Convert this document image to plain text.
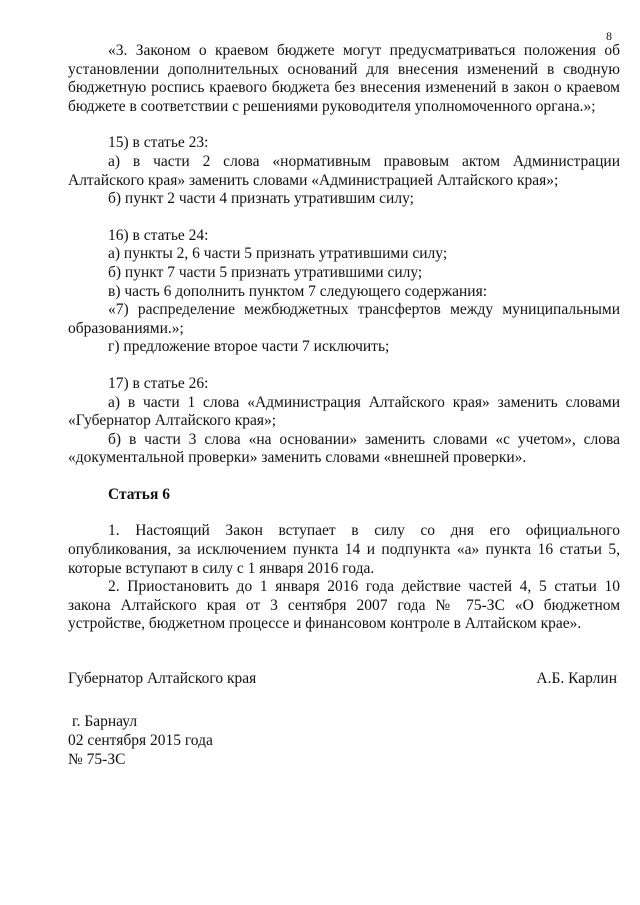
8

«3. Законом о краевом бюджете могут предусматриваться положения об установлении дополнительных оснований для внесения изменений в сводную бюджетную роспись краевого бюджета без внесения изменений в закон о краевом бюджете в соответствии с решениями руководителя уполномоченного органа.»;

15) в статье 23:

а) в части 2 слова «нормативным правовым актом Администрации Алтайского края» заменить словами «Администрацией Алтайского края»;

б) пункт 2 части 4 признать утратившим силу;

16) в статье 24:

а) пункты 2, 6 части 5 признать утратившими силу;

б) пункт 7 части 5 признать утратившими силу;

в) часть 6 дополнить пунктом 7 следующего содержания:

«7) распределение межбюджетных трансфертов между муниципальными образованиями.»;

г) предложение второе части 7 исключить;

17) в статье 26:

а) в части 1 слова «Администрация Алтайского края» заменить словами «Губернатор Алтайского края»;

б) в части 3 слова «на основании» заменить словами «с учетом», слова «документальной проверки» заменить словами «внешней проверки».

Статья 6

1. Настоящий Закон вступает в силу со дня его официального опубликования, за исключением пункта 14 и подпункта «а» пункта 16 статьи 5, которые вступают в силу с 1 января 2016 года.

2. Приостановить до 1 января 2016 года действие частей 4, 5 статьи 10 закона Алтайского края от 3 сентября 2007 года № 75-ЗС «О бюджетном устройстве, бюджетном процессе и финансовом контроле в Алтайском крае».

Губернатор Алтайского края	А.Б. Карлин
г. Барнаул
02 сентября 2015 года
№ 75-ЗС
